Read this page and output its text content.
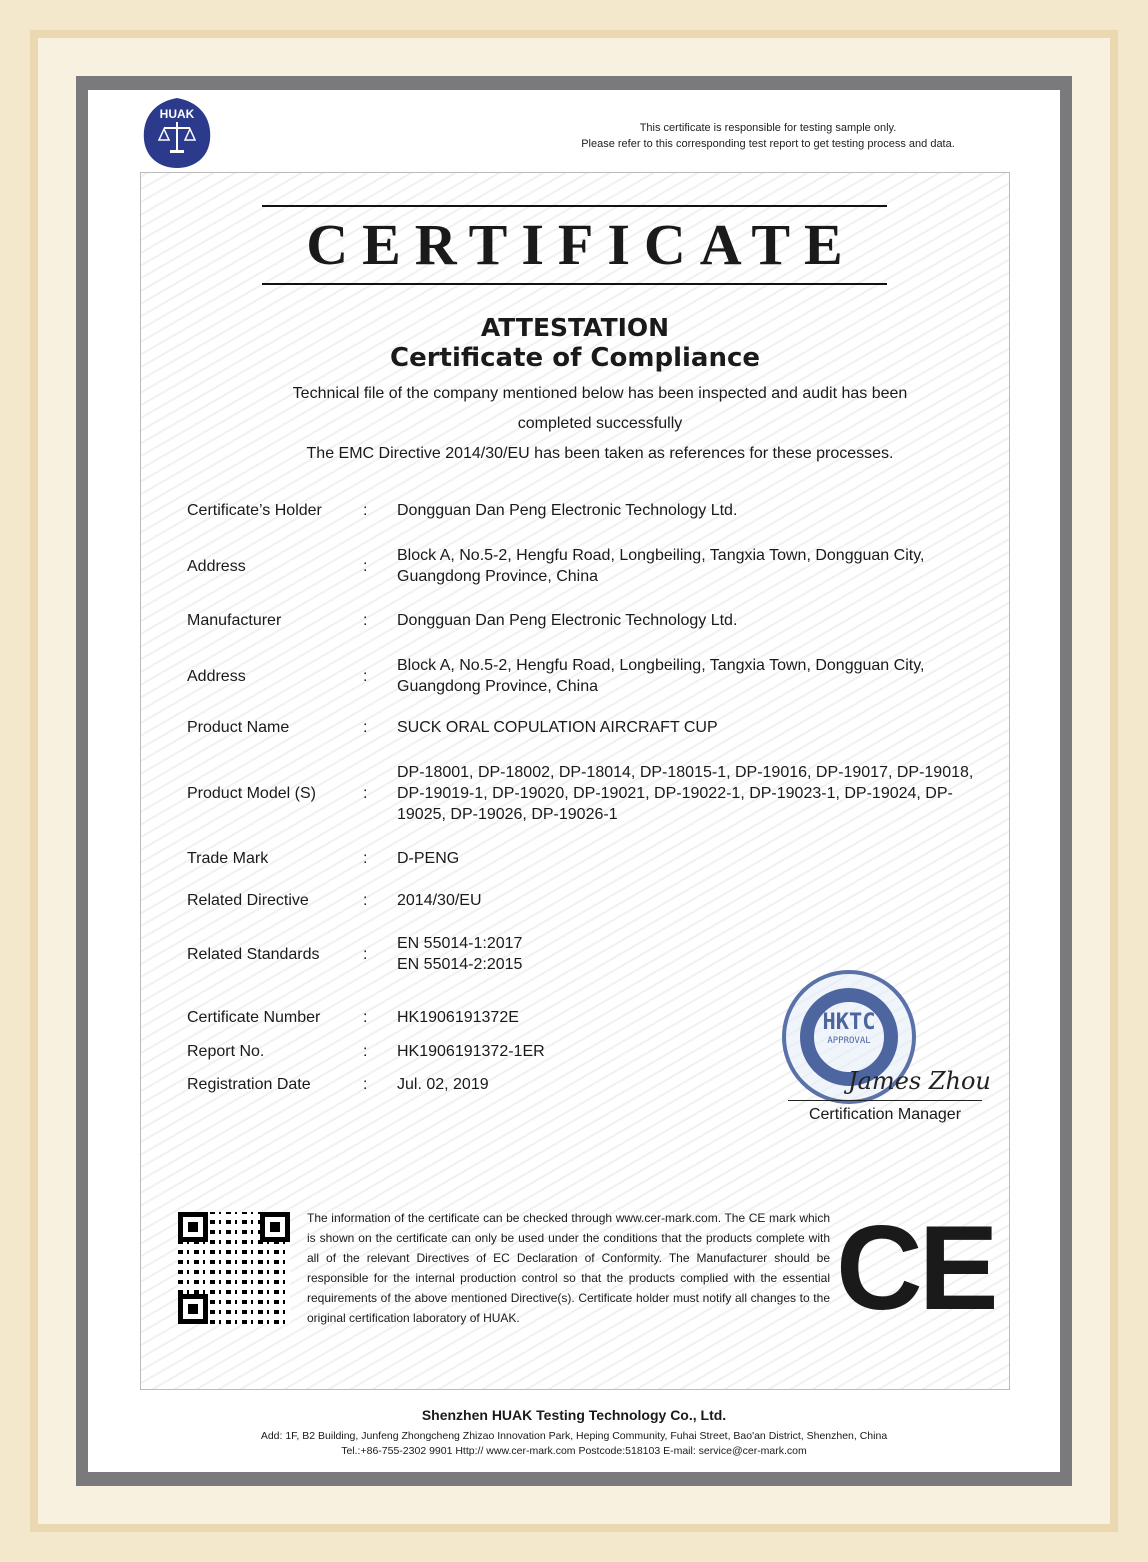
HUAK
This certificate is responsible for testing sample only.
Please refer to this corresponding test report to get testing process and data.
CERTIFICATE
ATTESTATION
Certificate of Compliance
Technical file of the company mentioned below has been inspected and audit has been
completed successfully
The EMC Directive 2014/30/EU has been taken as references for these processes.
Certificate’s Holder	:	Dongguan Dan Peng Electronic Technology Ltd.
Address	:
Block A, No.5-2, Hengfu Road, Longbeiling, Tangxia Town, Dongguan City, Guangdong Province, China
Manufacturer	:	Dongguan Dan Peng Electronic Technology Ltd.
Address	:
Block A, No.5-2, Hengfu Road, Longbeiling, Tangxia Town, Dongguan City, Guangdong Province, China
Product Name	:	SUCK ORAL COPULATION AIRCRAFT CUP
Product Model (S)	:
DP-18001, DP-18002, DP-18014, DP-18015-1, DP-19016, DP-19017, DP-19018, DP-19019-1, DP-19020, DP-19021, DP-19022-1, DP-19023-1, DP-19024, DP-19025, DP-19026, DP-19026-1
Trade Mark	:	D-PENG
Related Directive	:	2014/30/EU
Related Standards	:
EN 55014-1:2017
EN 55014-2:2015
Certificate Number	:	HK1906191372E
Report No.	:	HK1906191372-1ER
Registration Date	:	Jul. 02, 2019
HKTC
APPROVAL
James Zhou
Certification Manager
The information of the certificate can be checked through www.cer-mark.com. The CE mark which is shown on the certificate can only be used under the conditions that the products complete with all of the relevant Directives of EC Declaration of Conformity. The Manufacturer should be responsible for the internal production control so that the products complied with the essential requirements of the above mentioned Directive(s). Certificate holder must notify all changes to the original certification laboratory of HUAK.	CE
Shenzhen HUAK Testing Technology Co., Ltd.
Add: 1F, B2 Building, Junfeng Zhongcheng Zhizao Innovation Park, Heping Community, Fuhai Street, Bao'an District, Shenzhen, China
Tel.:+86-755-2302 9901 Http:// www.cer-mark.com Postcode:518103 E-mail: service@cer-mark.com
